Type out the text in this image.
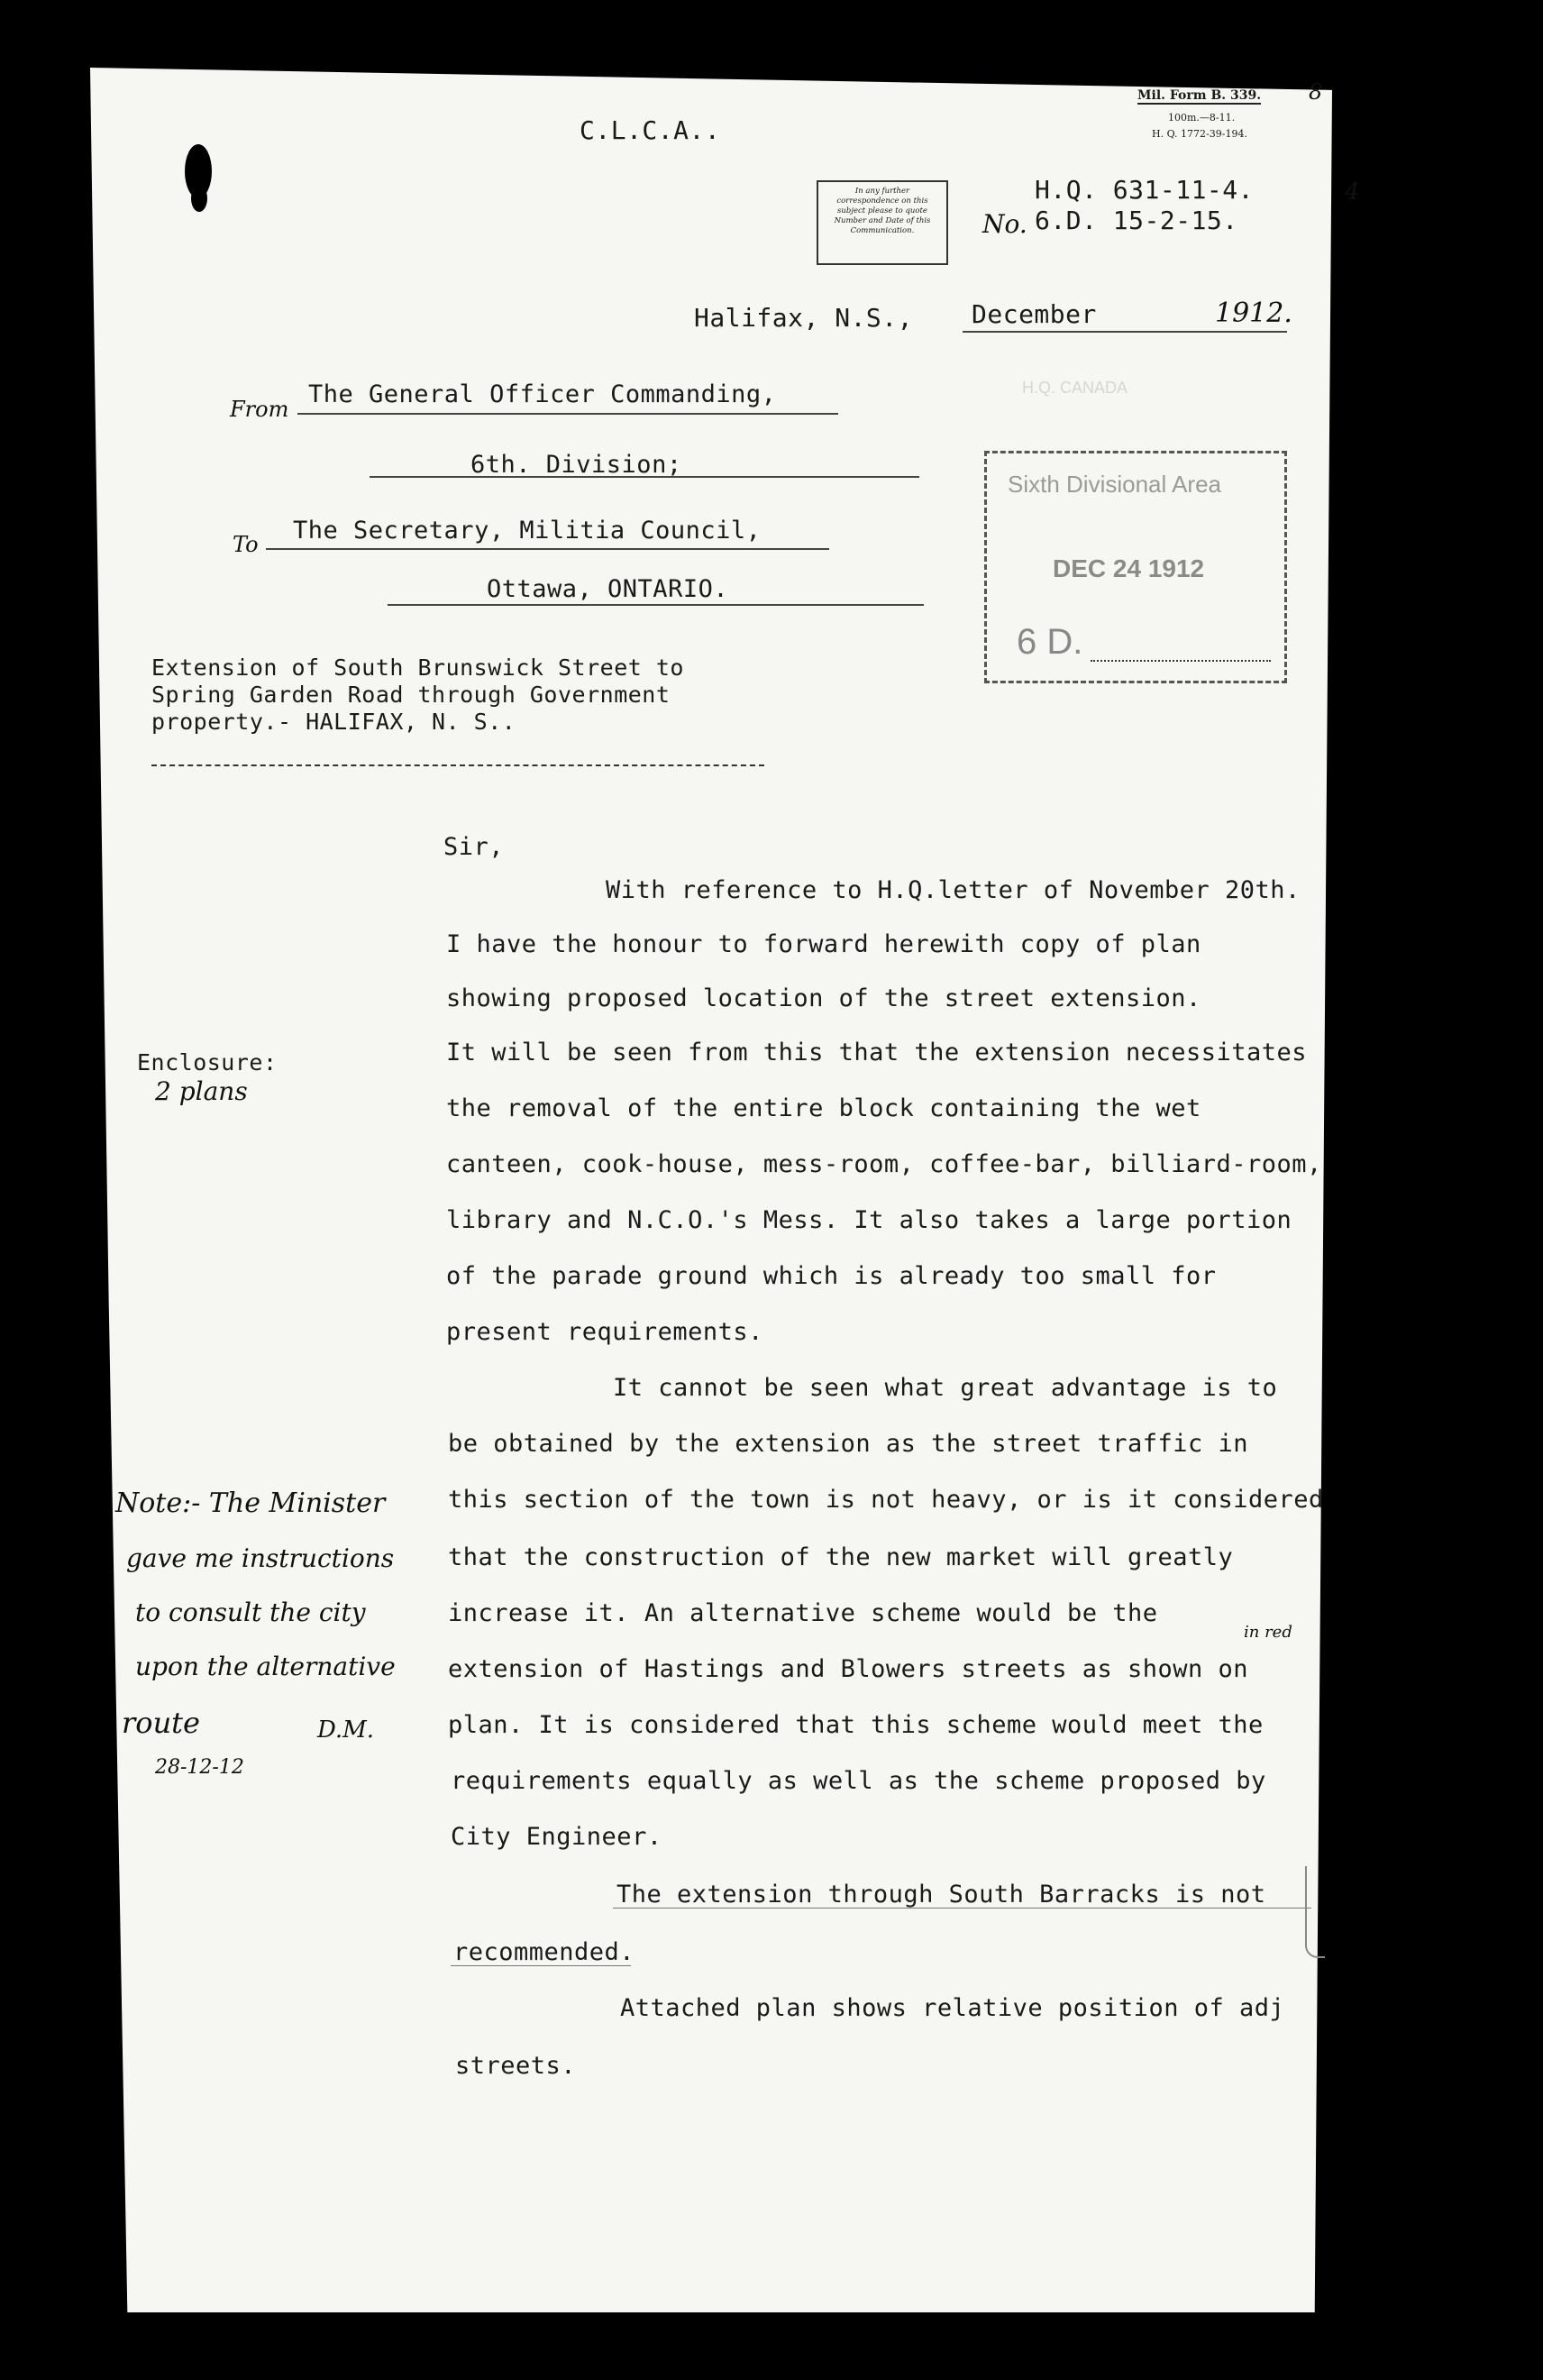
C.L.C.A..
Mil. Form B. 339.
100m.—8-11.
H. Q. 1772-39-194.
8
4
In any further correspondence on this subject please to quote Number and Date of this Communication.
H.Q. 631-11-4.
No. 6.D. 15-2-15.
Halifax, N.S., December	1912.
H.Q. CANADA
From
The General Officer Commanding,
6th. Division;
To The Secretary, Militia Council,
Ottawa, ONTARIO.
Sixth Divisional Area
DEC 24 1912
6 D.
Extension of South Brunswick Street to
Spring Garden Road through Government
property.- HALIFAX, N. S..
Sir,
Enclosure:
2 plans
With reference to H.Q.letter of November 20th.
I have the honour to forward herewith copy of plan
showing proposed location of the street extension.
It will be seen from this that the extension necessitates
the removal of the entire block containing the wet
canteen, cook-house, mess-room, coffee-bar, billiard-room,
library and N.C.O.'s Mess. It also takes a large portion
of the parade ground which is already too small for
present requirements.
It cannot be seen what great advantage is to
be obtained by the extension as the street traffic in
this section of the town is not heavy, or is it considered
that the construction of the new market will greatly
increase it. An alternative scheme would be the
in red
extension of Hastings and Blowers streets as shown on
plan. It is considered that this scheme would meet the
requirements equally as well as the scheme proposed by
City Engineer.
The extension through South Barracks is not
recommended.
Attached plan shows relative position of adj
streets.
Note:- The Minister
gave me instructions
to consult the city
upon the alternative
route	D.M.
28-12-12
